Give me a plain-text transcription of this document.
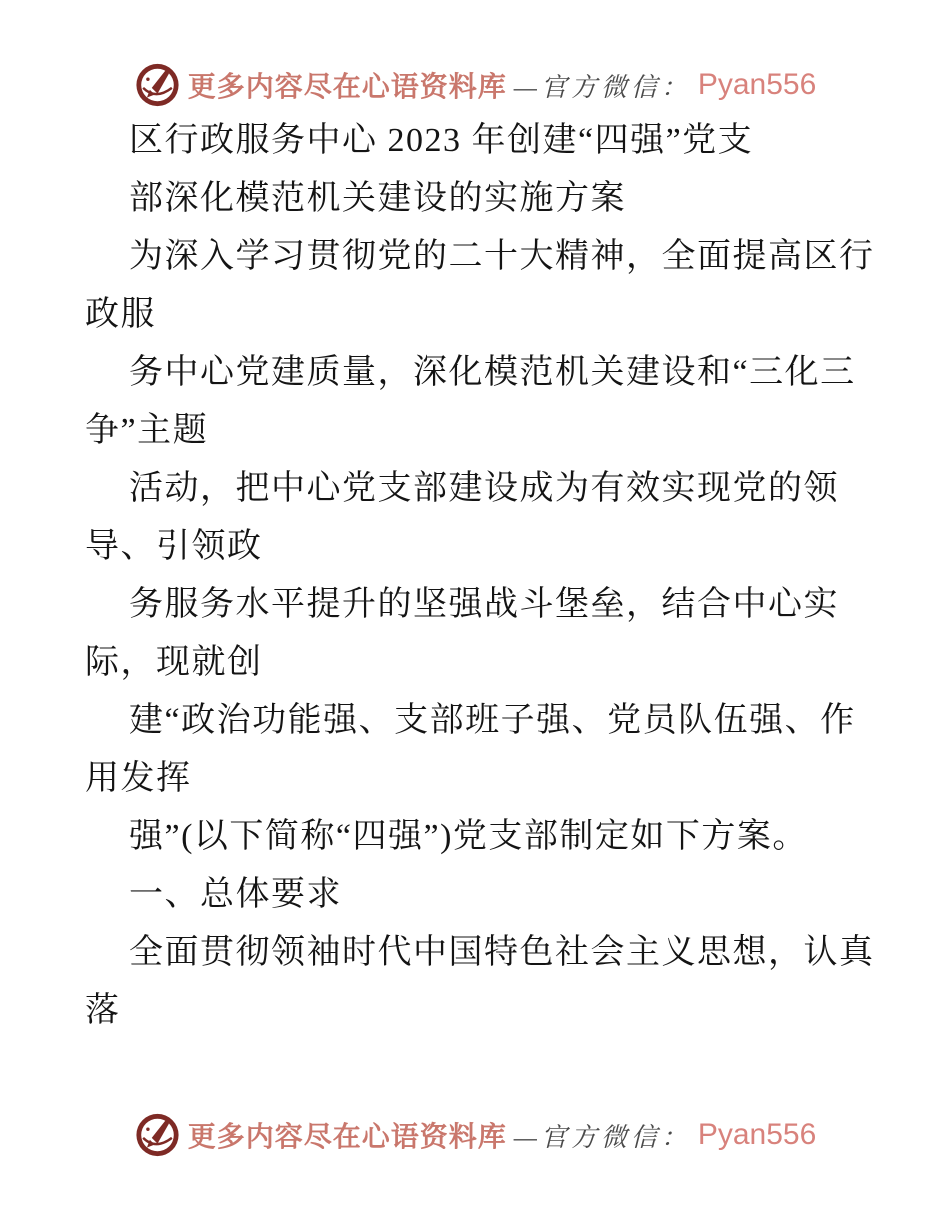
更多内容尽在心语资料库 —官方微信： Pyan556
区行政服务中心 2023 年创建“四强”党支
部深化模范机关建设的实施方案
为深入学习贯彻党的二十大精神，全面提高区行
政服
务中心党建质量，深化模范机关建设和“三化三
争”主题
活动，把中心党支部建设成为有效实现党的领
导、引领政
务服务水平提升的坚强战斗堡垒，结合中心实
际，现就创
建“政治功能强、支部班子强、党员队伍强、作
用发挥
强”(以下简称“四强”)党支部制定如下方案。
一、总体要求
全面贯彻领袖时代中国特色社会主义思想，认真
落
更多内容尽在心语资料库 —官方微信： Pyan556
